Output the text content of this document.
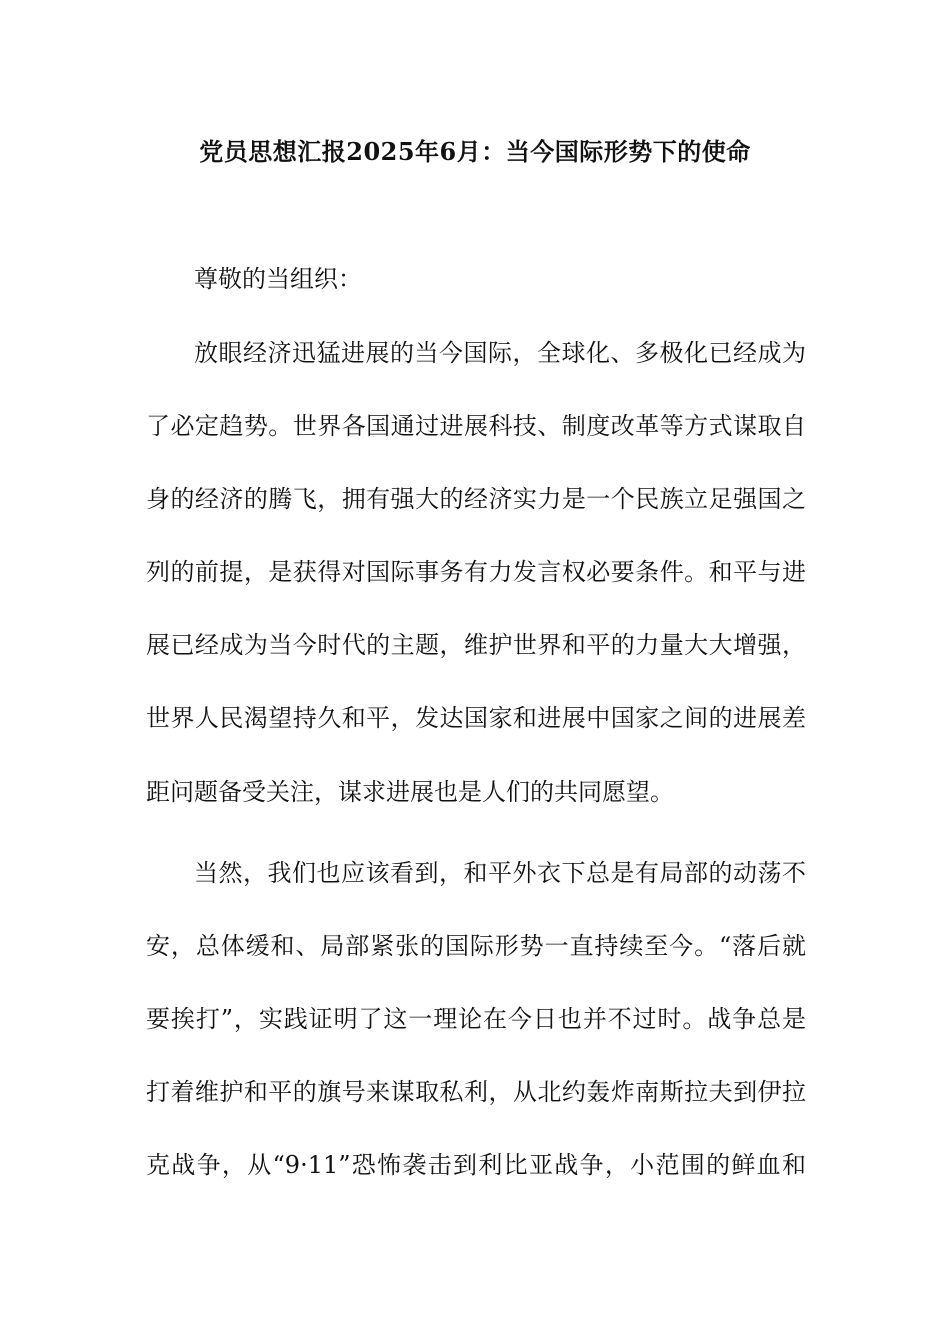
党员思想汇报2025年6月：当今国际形势下的使命
尊敬的当组织：
放眼经济迅猛进展的当今国际，全球化、多极化已经成为
了必定趋势。世界各国通过进展科技、制度改革等方式谋取自
身的经济的腾飞，拥有强大的经济实力是一个民族立足强国之
列的前提，是获得对国际事务有力发言权必要条件。和平与进
展已经成为当今时代的主题，维护世界和平的力量大大增强，
世界人民渴望持久和平，发达国家和进展中国家之间的进展差
距问题备受关注，谋求进展也是人们的共同愿望。
当然，我们也应该看到，和平外衣下总是有局部的动荡不
安，总体缓和、局部紧张的国际形势一直持续至今。“落后就
要挨打”，实践证明了这一理论在今日也并不过时。战争总是
打着维护和平的旗号来谋取私利，从北约轰炸南斯拉夫到伊拉
克战争，从“9·11”恐怖袭击到利比亚战争，小范围的鲜血和
